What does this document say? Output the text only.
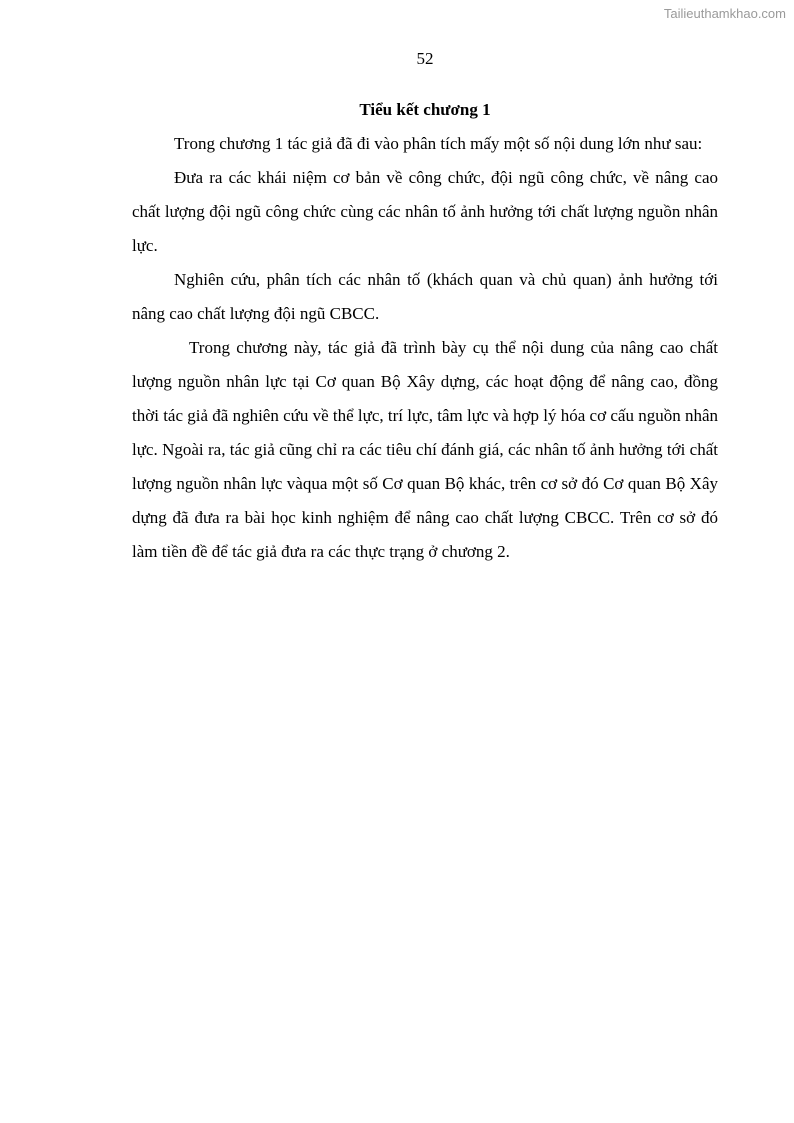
Tailieuthamkhao.com
52

Tiểu kết chương 1

Trong chương 1 tác giả đã đi vào phân tích mấy một số nội dung lớn như sau:

Đưa ra các khái niệm cơ bản về công chức, đội ngũ công chức, về nâng cao chất lượng đội ngũ công chức cùng các nhân tố ảnh hưởng tới chất lượng nguồn nhân lực.

Nghiên cứu, phân tích các nhân tố (khách quan và chủ quan) ảnh hưởng tới nâng cao chất lượng đội ngũ CBCC.

Trong chương này, tác giả đã trình bày cụ thể nội dung của nâng cao chất lượng nguồn nhân lực tại Cơ quan Bộ Xây dựng, các hoạt động để nâng cao, đồng thời tác giả đã nghiên cứu về thể lực, trí lực, tâm lực và hợp lý hóa cơ cấu nguồn nhân lực. Ngoài ra, tác giả cũng chỉ ra các tiêu chí đánh giá, các nhân tố ảnh hưởng tới chất lượng nguồn nhân lực vàqua một số Cơ quan Bộ khác, trên cơ sở đó Cơ quan Bộ Xây dựng đã đưa ra bài học kinh nghiệm để nâng cao chất lượng CBCC. Trên cơ sở đó làm tiền đề để tác giả đưa ra các thực trạng ở chương 2.
